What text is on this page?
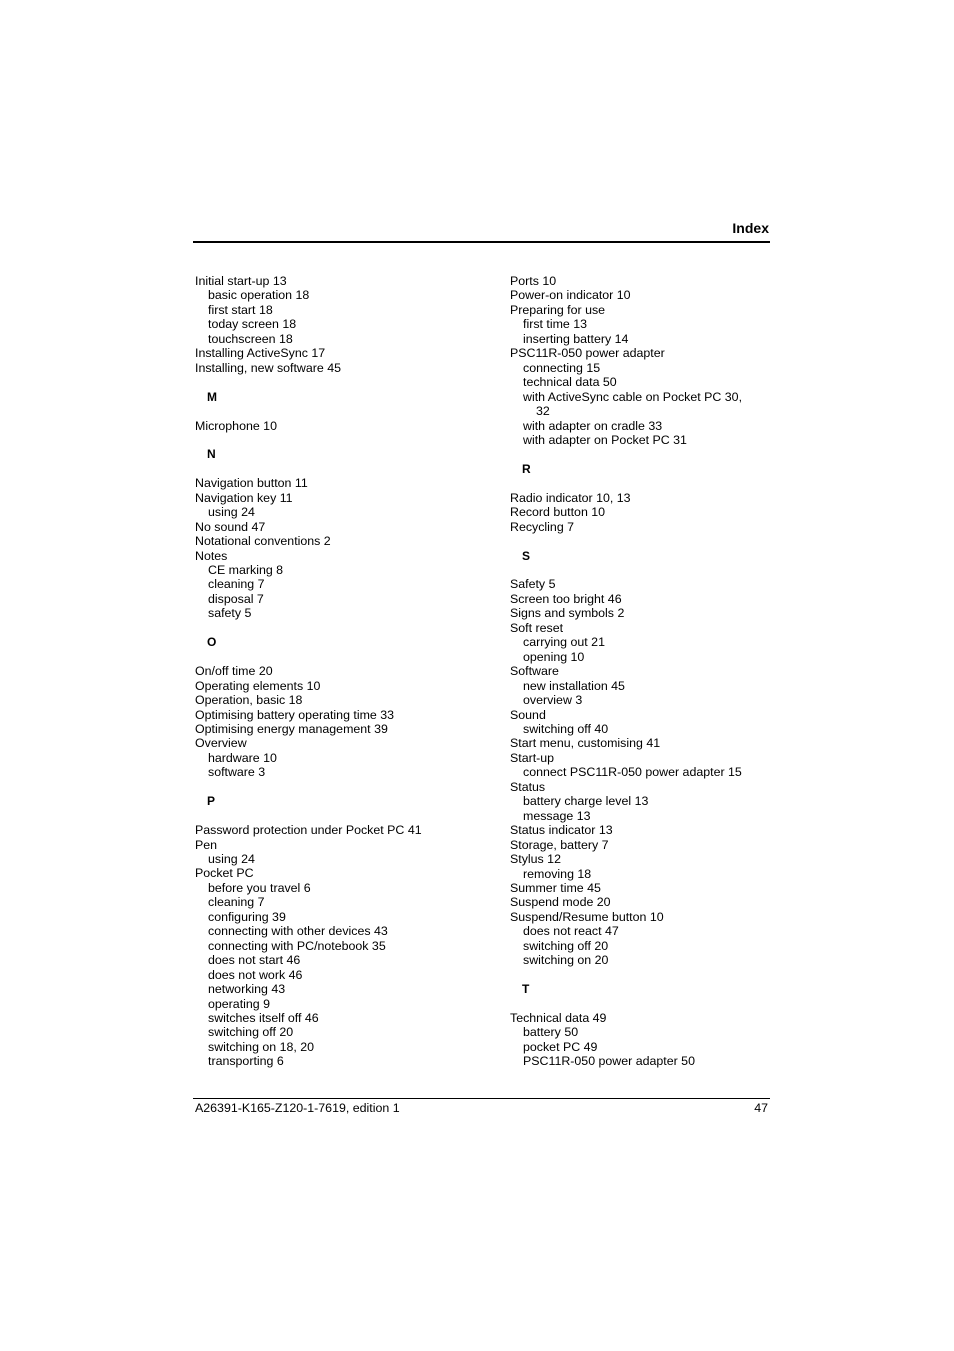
Index
Initial start-up 13
basic operation 18
first start 18
today screen 18
touchscreen 18
Installing ActiveSync 17
Installing, new software 45
M
Microphone 10
N
Navigation button 11
Navigation key 11
using 24
No sound 47
Notational conventions 2
Notes
CE marking 8
cleaning 7
disposal 7
safety 5
O
On/off time 20
Operating elements 10
Operation, basic 18
Optimising battery operating time 33
Optimising energy management 39
Overview
hardware 10
software 3
P
Password protection under Pocket PC 41
Pen
using 24
Pocket PC
before you travel 6
cleaning 7
configuring 39
connecting with other devices 43
connecting with PC/notebook 35
does not start 46
does not work 46
networking 43
operating 9
switches itself off 46
switching off 20
switching on 18, 20
transporting 6
Ports 10
Power-on indicator 10
Preparing for use
first time 13
inserting battery 14
PSC11R-050 power adapter
connecting 15
technical data 50
with ActiveSync cable on Pocket PC 30,
32
with adapter on cradle 33
with adapter on Pocket PC 31
R
Radio indicator 10, 13
Record button 10
Recycling 7
S
Safety 5
Screen too bright 46
Signs and symbols 2
Soft reset
carrying out 21
opening 10
Software
new installation 45
overview 3
Sound
switching off 40
Start menu, customising 41
Start-up
connect PSC11R-050 power adapter 15
Status
battery charge level 13
message 13
Status indicator 13
Storage, battery 7
Stylus 12
removing 18
Summer time 45
Suspend mode 20
Suspend/Resume button 10
does not react 47
switching off 20
switching on 20
T
Technical data 49
battery 50
pocket PC 49
PSC11R-050 power adapter 50
A26391-K165-Z120-1-7619, edition 1	47
